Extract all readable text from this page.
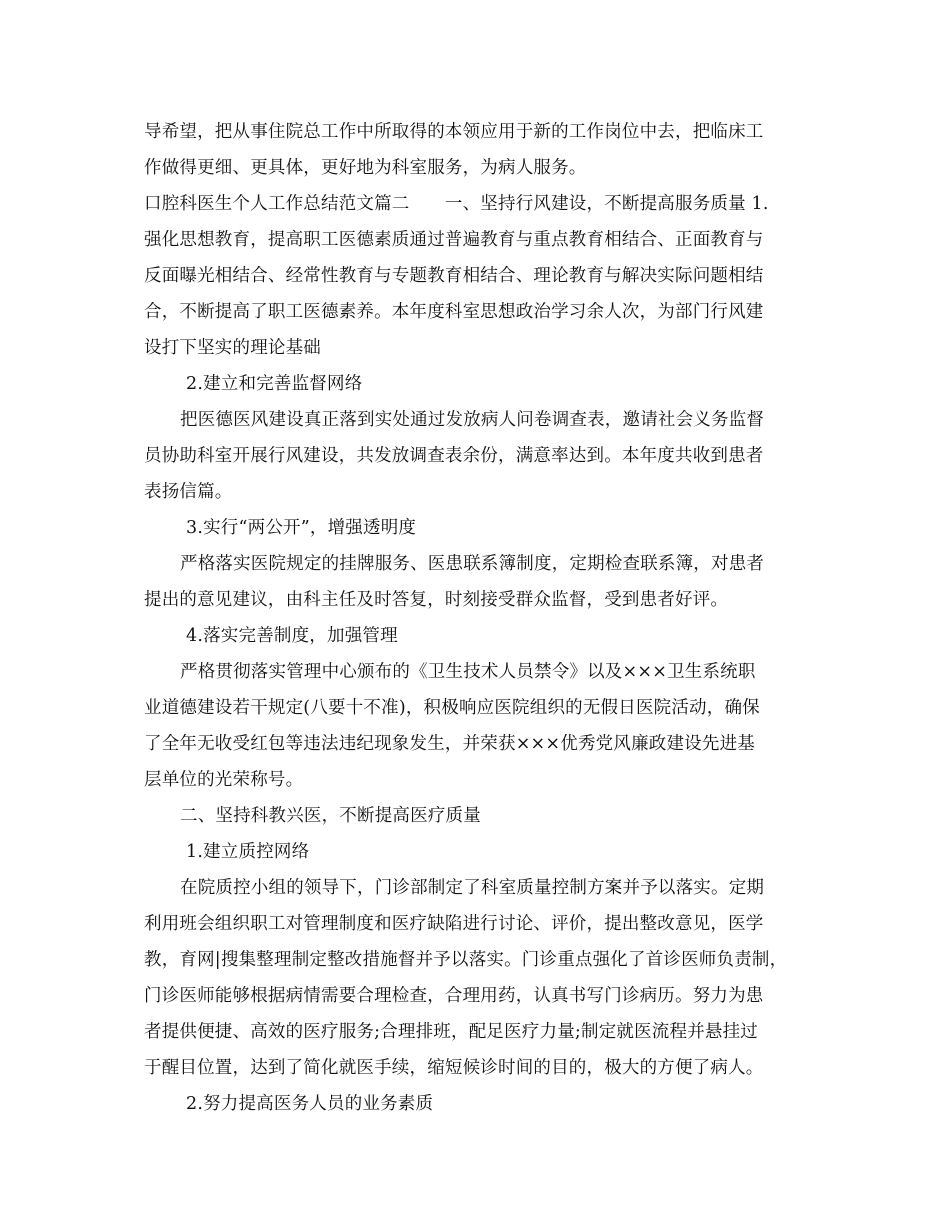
导希望，把从事住院总工作中所取得的本领应用于新的工作岗位中去，把临床工
作做得更细、更具体，更好地为科室服务，为病人服务。
口腔科医生个人工作总结范文篇二　　一、坚持行风建设，不断提高服务质量 1.
强化思想教育，提高职工医德素质通过普遍教育与重点教育相结合、正面教育与
反面曝光相结合、经常性教育与专题教育相结合、理论教育与解决实际问题相结
合，不断提高了职工医德素养。本年度科室思想政治学习余人次，为部门行风建
设打下坚实的理论基础
2.建立和完善监督网络
把医德医风建设真正落到实处通过发放病人问卷调查表，邀请社会义务监督
员协助科室开展行风建设，共发放调查表余份，满意率达到。本年度共收到患者
表扬信篇。
3.实行“两公开”，增强透明度
严格落实医院规定的挂牌服务、医患联系簿制度，定期检查联系簿，对患者
提出的意见建议，由科主任及时答复，时刻接受群众监督，受到患者好评。
4.落实完善制度，加强管理
严格贯彻落实管理中心颁布的《卫生技术人员禁令》以及×××卫生系统职
业道德建设若干规定(八要十不准)，积极响应医院组织的无假日医院活动，确保
了全年无收受红包等违法违纪现象发生，并荣获×××优秀党风廉政建设先进基
层单位的光荣称号。
二、坚持科教兴医，不断提高医疗质量
1.建立质控网络
在院质控小组的领导下，门诊部制定了科室质量控制方案并予以落实。定期
利用班会组织职工对管理制度和医疗缺陷进行讨论、评价，提出整改意见，医学
教，育网|搜集整理制定整改措施督并予以落实。门诊重点强化了首诊医师负责制，
门诊医师能够根据病情需要合理检查，合理用药，认真书写门诊病历。努力为患
者提供便捷、高效的医疗服务;合理排班，配足医疗力量;制定就医流程并悬挂过
于醒目位置，达到了简化就医手续，缩短候诊时间的目的，极大的方便了病人。
2.努力提高医务人员的业务素质
